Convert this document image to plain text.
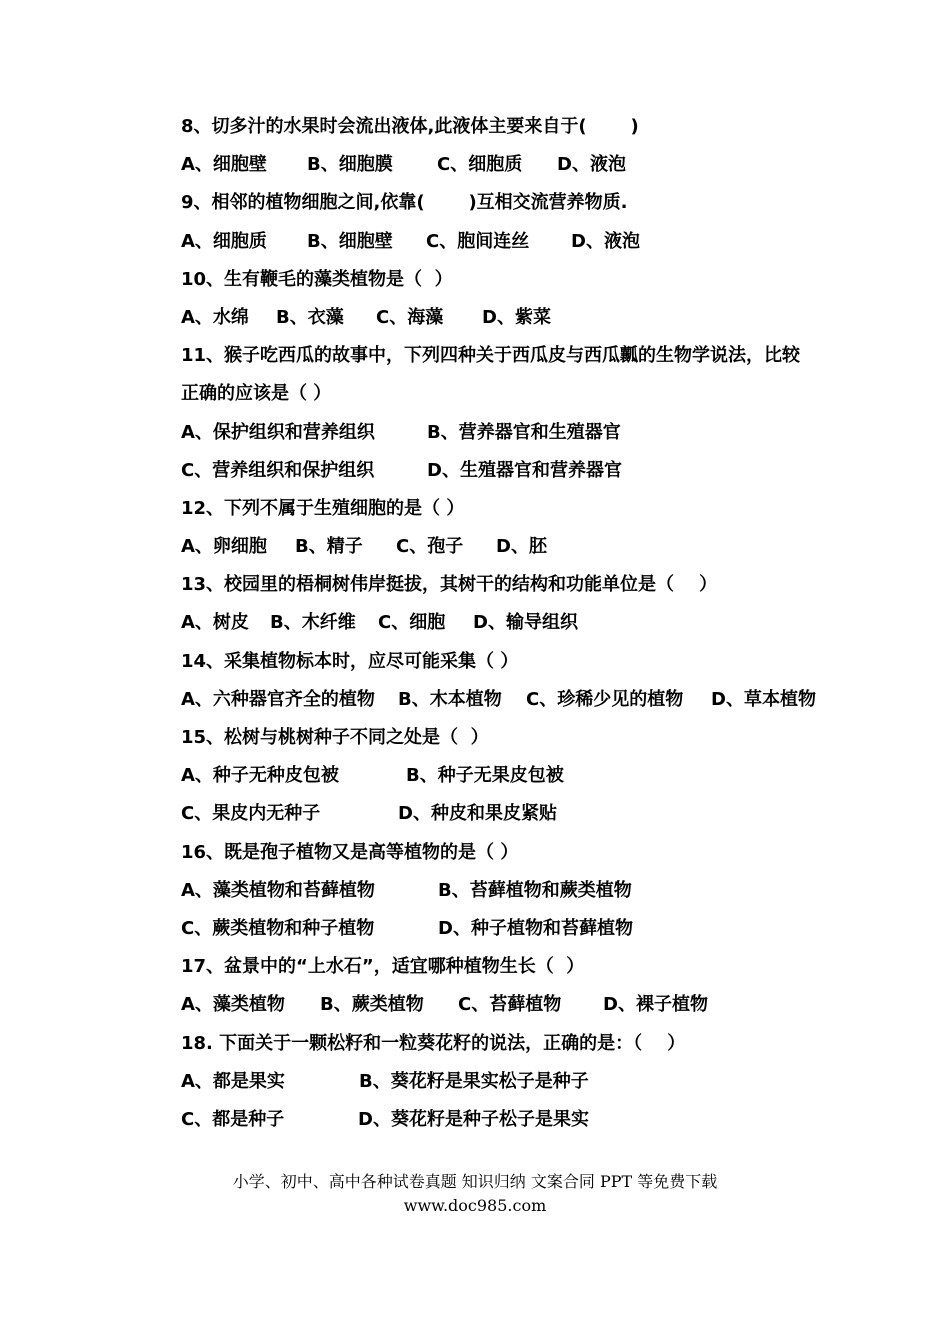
8、切多汁的水果时会流出液体,此液体主要来自于(       )
A、细胞壁	B、细胞膜	C、细胞质	D、液泡
9、相邻的植物细胞之间,依靠(       )互相交流营养物质.
A、细胞质	B、细胞壁	C、胞间连丝	D、液泡
10、生有鞭毛的藻类植物是（  ）
A、水绵	B、衣藻	C、海藻	D、紫菜
11、猴子吃西瓜的故事中，下列四种关于西瓜皮与西瓜瓤的生物学说法，比较
正确的应该是（ ）
A、保护组织和营养组织	B、营养器官和生殖器官
C、营养组织和保护组织	D、生殖器官和营养器官
12、下列不属于生殖细胞的是（ ）
A、卵细胞	B、精子	C、孢子	D、胚
13、校园里的梧桐树伟岸挺拔，其树干的结构和功能单位是（    ）
A、树皮	B、木纤维	C、细胞	D、输导组织
14、采集植物标本时，应尽可能采集（ ）
A、六种器官齐全的植物	B、木本植物	C、珍稀少见的植物	D、草本植物
15、松树与桃树种子不同之处是（  ）
A、种子无种皮包被	B、种子无果皮包被
C、果皮内无种子	D、种皮和果皮紧贴
16、既是孢子植物又是高等植物的是（ ）
A、藻类植物和苔藓植物	B、苔藓植物和蕨类植物
C、蕨类植物和种子植物	D、种子植物和苔藓植物
17、盆景中的“上水石”，适宜哪种植物生长（  ）
A、藻类植物	B、蕨类植物	C、苔藓植物	D、裸子植物
18. 下面关于一颗松籽和一粒葵花籽的说法，正确的是：（    ）
A、都是果实	B、葵花籽是果实松子是种子
C、都是种子	D、葵花籽是种子松子是果实
小学、初中、高中各种试卷真题 知识归纳 文案合同 PPT 等免费下载
www.doc985.com
